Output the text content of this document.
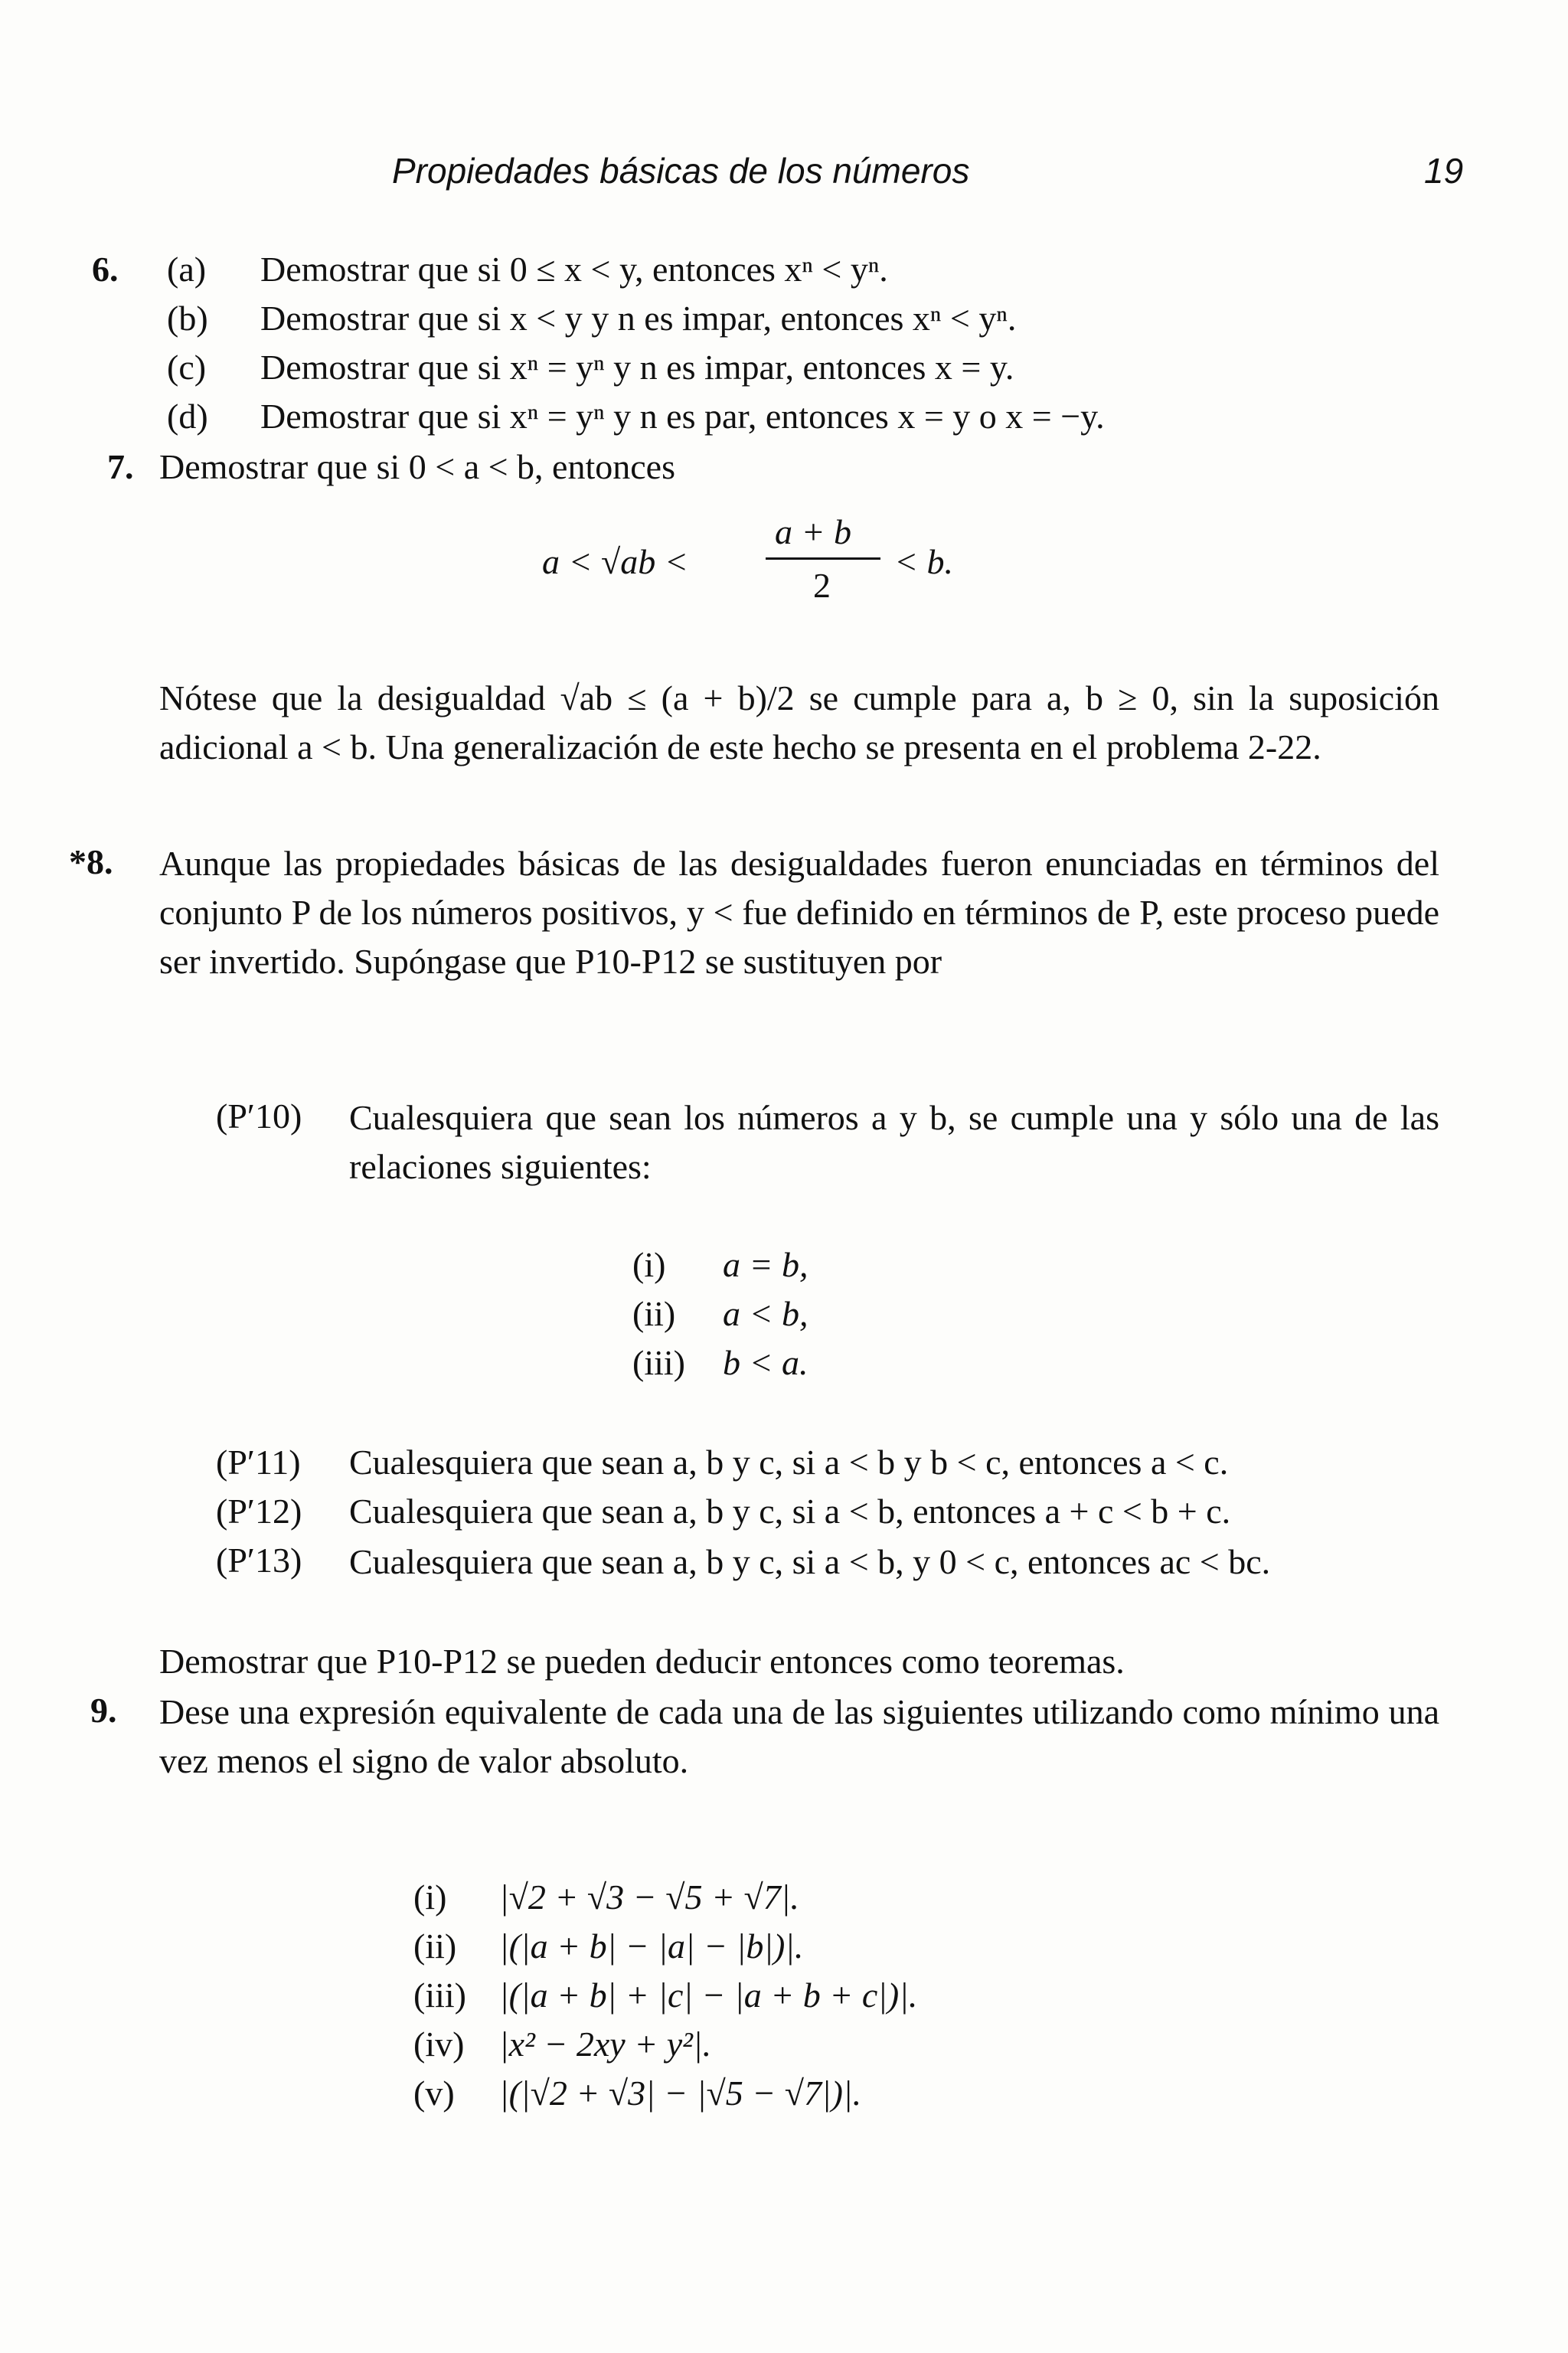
Propiedades básicas de los números	19
6. (a) Demostrar que si 0 ≤ x < y, entonces xⁿ < yⁿ.
(b) Demostrar que si x < y y n es impar, entonces xⁿ < yⁿ.
(c) Demostrar que si xⁿ = yⁿ y n es impar, entonces x = y.
(d) Demostrar que si xⁿ = yⁿ y n es par, entonces x = y o x = −y.
7. Demostrar que si 0 < a < b, entonces
a < √ab <
a + b
2
< b.
Nótese que la desigualdad √ab ≤ (a + b)/2 se cumple para a, b ≥ 0, sin la suposición adicional a < b. Una generalización de este hecho se presenta en el problema 2-22.
*8. Aunque las propiedades básicas de las desigualdades fueron enunciadas en términos del conjunto P de los números positivos, y < fue definido en términos de P, este proceso puede ser invertido. Supóngase que P10-P12 se sustituyen por
(P′10) Cualesquiera que sean los números a y b, se cumple una y sólo una de las relaciones siguientes:
(i) a = b,
(ii) a < b,
(iii) b < a.
(P′11) Cualesquiera que sean a, b y c, si a < b y b < c, entonces a < c.
(P′12) Cualesquiera que sean a, b y c, si a < b, entonces a + c < b + c.
(P′13) Cualesquiera que sean a, b y c, si a < b, y 0 < c, entonces ac < bc.
Demostrar que P10-P12 se pueden deducir entonces como teoremas.
9. Dese una expresión equivalente de cada una de las siguientes utilizando como mínimo una vez menos el signo de valor absoluto.
(i) |√2 + √3 − √5 + √7|.
(ii) |(|a + b| − |a| − |b|)|.
(iii) |(|a + b| + |c| − |a + b + c|)|.
(iv) |x² − 2xy + y²|.
(v) |(|√2 + √3| − |√5 − √7|)|.
